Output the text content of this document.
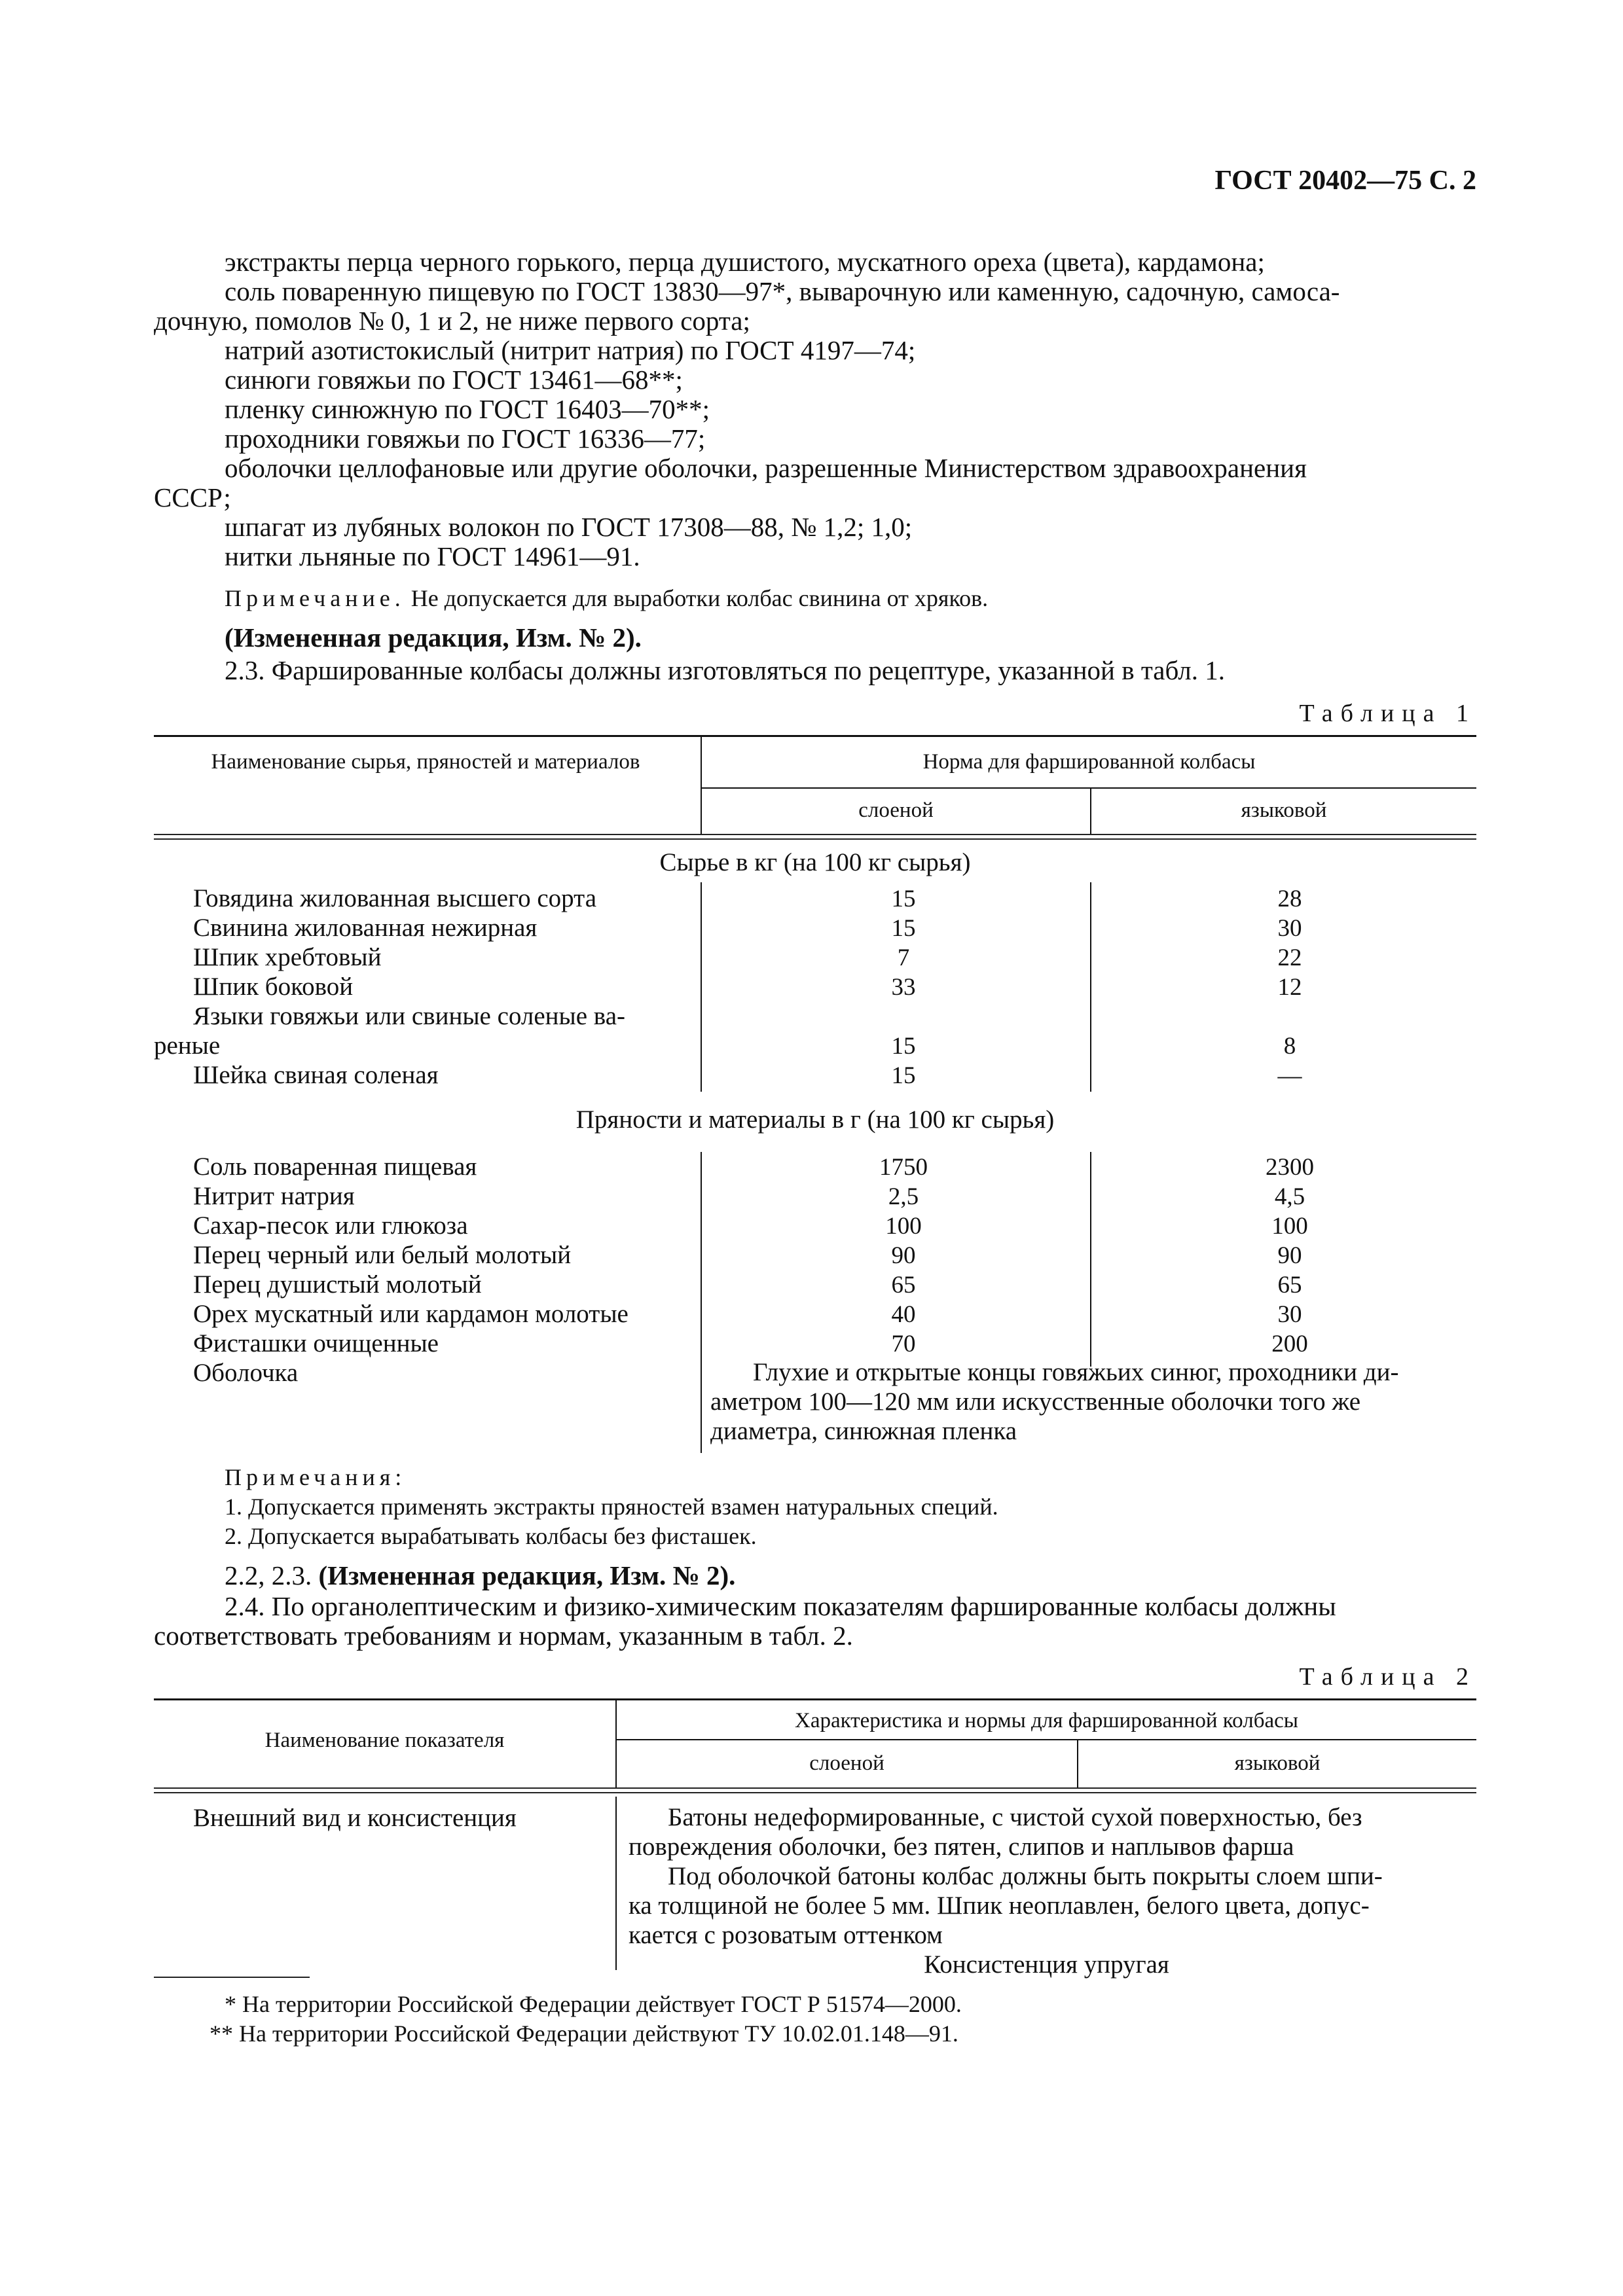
ГОСТ 20402—75 С. 2
экстракты перца черного горького, перца душистого, мускатного ореха (цвета), кардамона;
соль поваренную пищевую по ГОСТ 13830—97*, выварочную или каменную, садочную, самоса-
дочную, помолов № 0, 1 и 2, не ниже первого сорта;
натрий азотистокислый (нитрит натрия) по ГОСТ 4197—74;
синюги говяжьи по ГОСТ 13461—68**;
пленку синюжную по ГОСТ 16403—70**;
проходники говяжьи по ГОСТ 16336—77;
оболочки целлофановые или другие оболочки, разрешенные Министерством здравоохранения
СССР;
шпагат из лубяных волокон по ГОСТ 17308—88, № 1,2; 1,0;
нитки льняные по ГОСТ 14961—91.
Примечание. Не допускается для выработки колбас свинина от хряков.
(Измененная редакция, Изм. № 2).
2.3. Фаршированные колбасы должны изготовляться по рецептуре, указанной в табл. 1.
Таблица 1
Наименование сырья, пряностей и материалов	Норма для фаршированной колбасы
слоеной	языковой
Сырье в кг (на 100 кг сырья)
Говядина жилованная высшего сорта	15	28
Свинина жилованная нежирная	15	30
Шпик хребтовый	7	22
Шпик боковой	33	12
Языки говяжьи или свиные соленые ва-
реные	15	8
Шейка свиная соленая	15	—
Пряности и материалы в г (на 100 кг сырья)
Соль поваренная пищевая	1750	2300
Нитрит натрия	2,5	4,5
Сахар-песок или глюкоза	100	100
Перец черный или белый молотый	90	90
Перец душистый молотый	65	65
Орех мускатный или кардамон молотые	40	30
Фисташки очищенные	70	200
Оболочка	Глухие и открытые концы говяжьих синюг, проходники ди-
аметром 100—120 мм или искусственные оболочки того же
диаметра, синюжная пленка
Примечания:
1. Допускается применять экстракты пряностей взамен натуральных специй.
2. Допускается вырабатывать колбасы без фисташек.
2.2, 2.3. (Измененная редакция, Изм. № 2).
2.4. По органолептическим и физико-химическим показателям фаршированные колбасы должны
соответствовать требованиям и нормам, указанным в табл. 2.
Таблица 2
Наименование показателя
Характеристика и нормы для фаршированной колбасы
слоеной	языковой
Внешний вид и консистенция	Батоны недеформированные, с чистой сухой поверхностью, без
повреждения оболочки, без пятен, слипов и наплывов фарша
Под оболочкой батоны колбас должны быть покрыты слоем шпи-
ка толщиной не более 5 мм. Шпик неоплавлен, белого цвета, допус-
кается с розоватым оттенком
Консистенция упругая
* На территории Российской Федерации действует ГОСТ Р 51574—2000.
** На территории Российской Федерации действуют ТУ 10.02.01.148—91.
